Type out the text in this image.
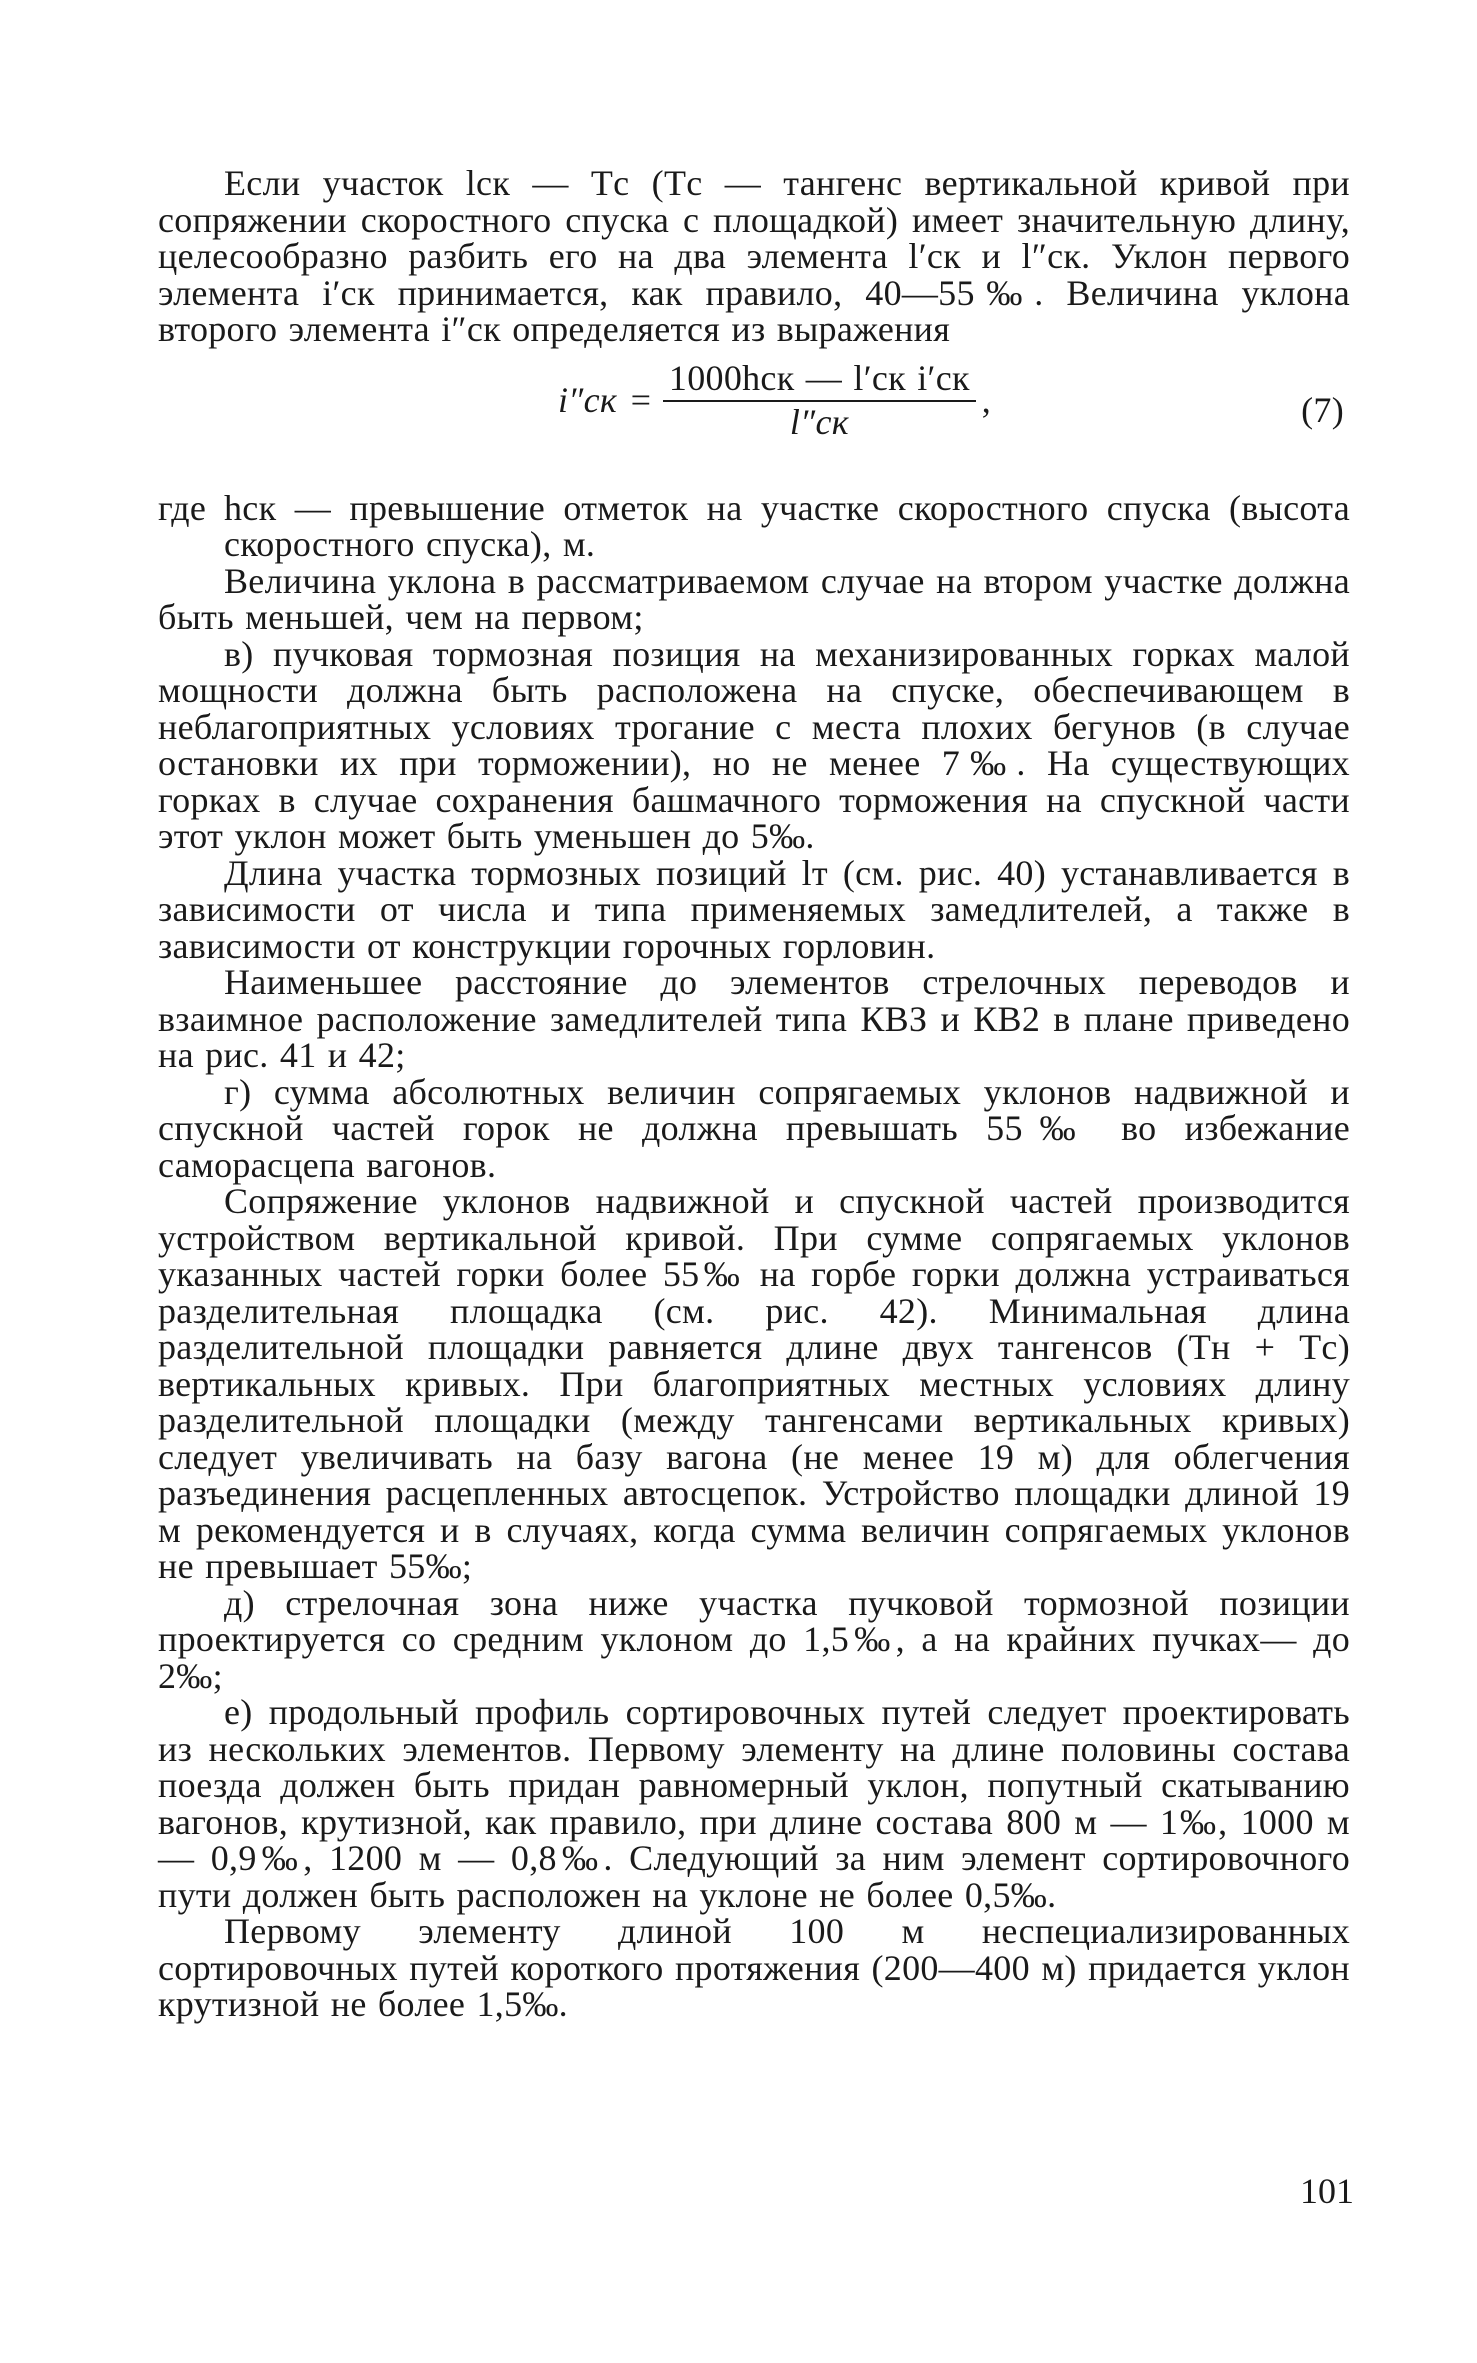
Если участок lск — Tс (Tс — тангенс вертикальной кривой при сопряжении скоростного спуска с площадкой) имеет значительную длину, целесообразно разбить его на два элемента l′ск и l″ск. Уклон первого элемента i′ск принимается, как правило, 40—55‰. Величина уклона второго элемента i″ск определяется из выражения

$i''ск = \frac{\text{1000hск — l′ск i′ск}}{l''ск}$ ,	(7)
где hск — превышение отметок на участке скоростного спуска (высота скоростного спуска), м.

Величина уклона в рассматриваемом случае на втором участке должна быть меньшей, чем на первом;

в) пучковая тормозная позиция на механизированных горках малой мощности должна быть расположена на спуске, обеспечивающем в неблагоприятных условиях трогание с места плохих бегунов (в случае остановки их при торможении), но не менее 7‰. На существующих горках в случае сохранения башмачного торможения на спускной части этот уклон может быть уменьшен до 5‰.

Длина участка тормозных позиций lт (см. рис. 40) устанавливается в зависимости от числа и типа применяемых замедлителей, а также в зависимости от конструкции горочных горловин.

Наименьшее расстояние до элементов стрелочных переводов и взаимное расположение замедлителей типа КВЗ и КВ2 в плане приведено на рис. 41 и 42;

г) сумма абсолютных величин сопрягаемых уклонов надвижной и спускной частей горок не должна превышать 55‰ во избежание саморасцепа вагонов.

Сопряжение уклонов надвижной и спускной частей производится устройством вертикальной кривой. При сумме сопрягаемых уклонов указанных частей горки более 55‰ на горбе горки должна устраиваться разделительная площадка (см. рис. 42). Минимальная длина разделительной площадки равняется длине двух тангенсов (Tн + Tс) вертикальных кривых. При благоприятных местных условиях длину разделительной площадки (между тангенсами вертикальных кривых) следует увеличивать на базу вагона (не менее 19 м) для облегчения разъединения расцепленных автосцепок. Устройство площадки длиной 19 м рекомендуется и в случаях, когда сумма величин сопрягаемых уклонов не превышает 55‰;

д) стрелочная зона ниже участка пучковой тормозной позиции проектируется со средним уклоном до 1,5‰, а на крайних пучках— до 2‰;

е) продольный профиль сортировочных путей следует проектировать из нескольких элементов. Первому элементу на длине половины состава поезда должен быть придан равномерный уклон, попутный скатыванию вагонов, крутизной, как правило, при длине состава 800 м — 1‰, 1000 м — 0,9‰, 1200 м — 0,8‰. Следующий за ним элемент сортировочного пути должен быть расположен на уклоне не более 0,5‰.

Первому элементу длиной 100 м неспециализированных сортировочных путей короткого протяжения (200—400 м) придается уклон крутизной не более 1,5‰.

101
